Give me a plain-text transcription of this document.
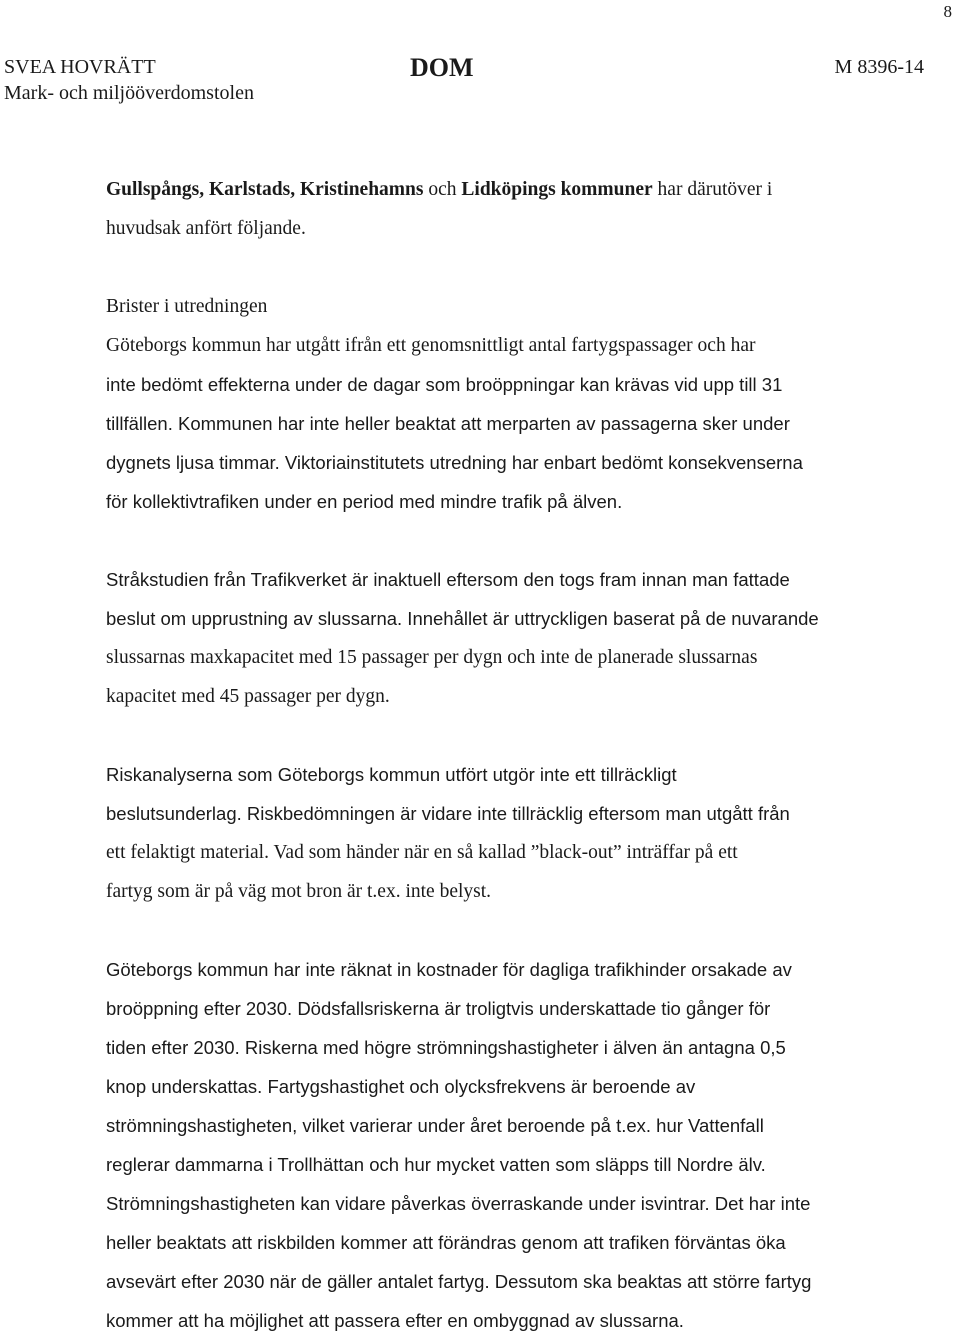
8
SVEA HOVRÄTT
Mark- och miljööverdomstolen
DOM	M 8396-14

Gullspångs, Karlstads, Kristinehamns och Lidköpings kommuner har därutöver i

huvudsak anfört följande.

Brister i utredningen

Göteborgs kommun har utgått ifrån ett genomsnittligt antal fartygspassager och har

inte bedömt effekterna under de dagar som broöppningar kan krävas vid upp till 31

tillfällen. Kommunen har inte heller beaktat att merparten av passagerna sker under

dygnets ljusa timmar. Viktoriainstitutets utredning har enbart bedömt konsekvenserna

för kollektivtrafiken under en period med mindre trafik på älven.

Stråkstudien från Trafikverket är inaktuell eftersom den togs fram innan man fattade

beslut om upprustning av slussarna. Innehållet är uttryckligen baserat på de nuvarande

slussarnas maxkapacitet med 15 passager per dygn och inte de planerade slussarnas

kapacitet med 45 passager per dygn.

Riskanalyserna som Göteborgs kommun utfört utgör inte ett tillräckligt

beslutsunderlag. Riskbedömningen är vidare inte tillräcklig eftersom man utgått från

ett felaktigt material. Vad som händer när en så kallad ”black-out” inträffar på ett

fartyg som är på väg mot bron är t.ex. inte belyst.

Göteborgs kommun har inte räknat in kostnader för dagliga trafikhinder orsakade av

broöppning efter 2030. Dödsfallsriskerna är troligtvis underskattade tio gånger för

tiden efter 2030. Riskerna med högre strömningshastigheter i älven än antagna 0,5

knop underskattas. Fartygshastighet och olycksfrekvens är beroende av

strömningshastigheten, vilket varierar under året beroende på t.ex. hur Vattenfall

reglerar dammarna i Trollhättan och hur mycket vatten som släpps till Nordre älv.

Strömningshastigheten kan vidare påverkas överraskande under isvintrar. Det har inte

heller beaktats att riskbilden kommer att förändras genom att trafiken förväntas öka

avsevärt efter 2030 när de gäller antalet fartyg. Dessutom ska beaktas att större fartyg

kommer att ha möjlighet att passera efter en ombyggnad av slussarna.
